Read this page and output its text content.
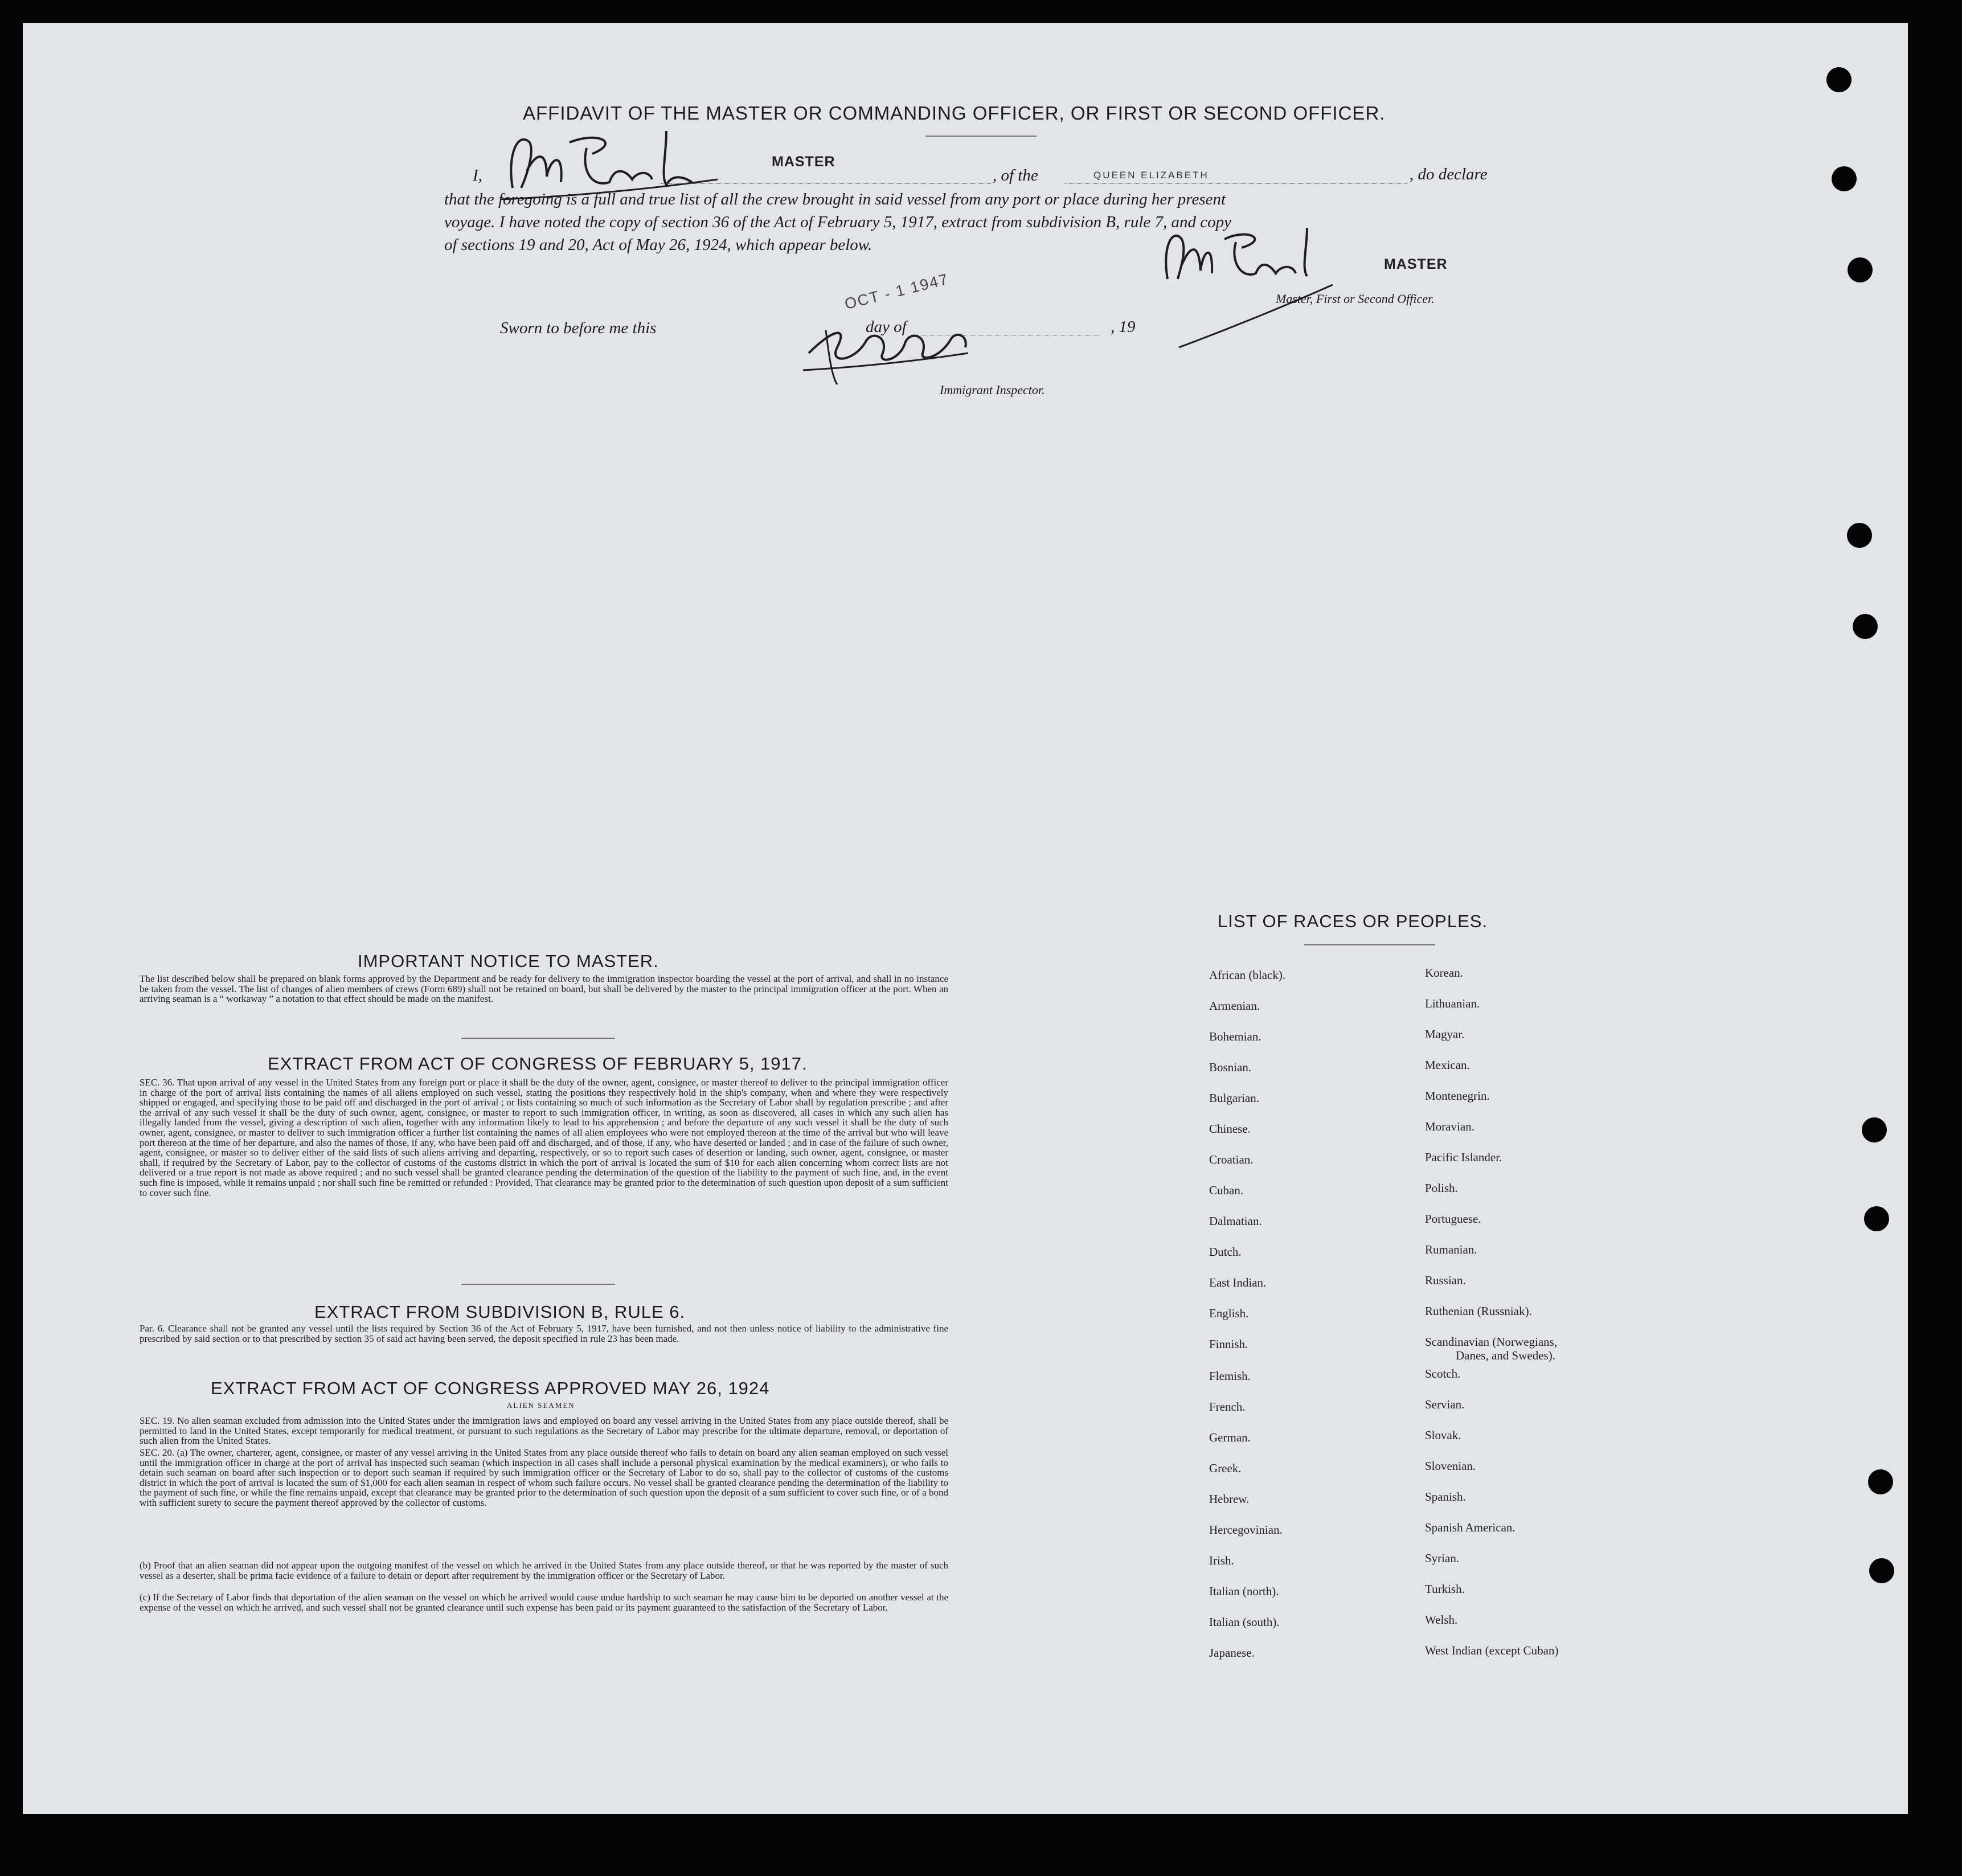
AFFIDAVIT OF THE MASTER OR COMMANDING OFFICER, OR FIRST OR SECOND OFFICER.
I,
MASTER
, of the	QUEEN ELIZABETH	, do declare
that the foregoing is a full and true list of all the crew brought in said vessel from any port or place during her present
voyage. I have noted the copy of section 36 of the Act of February 5, 1917, extract from subdivision B, rule 7, and copy
of sections 19 and 20, Act of May 26, 1924, which appear below.
MASTER
Master, First or Second Officer.
OCT - 1 1947
Sworn to before me this	day of	, 19
Immigrant Inspector.
IMPORTANT NOTICE TO MASTER.
The list described below shall be prepared on blank forms approved by the Department and be ready for delivery to the immigration inspector boarding the vessel at the port of arrival, and shall in no instance be taken from the vessel. The list of changes of alien members of crews (Form 689) shall not be retained on board, but shall be delivered by the master to the principal immigration officer at the port. When an arriving seaman is a “ workaway ” a notation to that effect should be made on the manifest.
EXTRACT FROM ACT OF CONGRESS OF FEBRUARY 5, 1917.
SEC. 36. That upon arrival of any vessel in the United States from any foreign port or place it shall be the duty of the owner, agent, consignee, or master thereof to deliver to the principal immigration officer in charge of the port of arrival lists containing the names of all aliens employed on such vessel, stating the positions they respectively hold in the ship's company, when and where they were respectively shipped or engaged, and specifying those to be paid off and discharged in the port of arrival ; or lists containing so much of such information as the Secretary of Labor shall by regulation prescribe ; and after the arrival of any such vessel it shall be the duty of such owner, agent, consignee, or master to report to such immigration officer, in writing, as soon as discovered, all cases in which any such alien has illegally landed from the vessel, giving a description of such alien, together with any information likely to lead to his apprehension ; and before the departure of any such vessel it shall be the duty of such owner, agent, consignee, or master to deliver to such immigration officer a further list containing the names of all alien employees who were not employed thereon at the time of the arrival but who will leave port thereon at the time of her departure, and also the names of those, if any, who have been paid off and discharged, and of those, if any, who have deserted or landed ; and in case of the failure of such owner, agent, consignee, or master so to deliver either of the said lists of such aliens arriving and departing, respectively, or so to report such cases of desertion or landing, such owner, agent, consignee, or master shall, if required by the Secretary of Labor, pay to the collector of customs of the customs district in which the port of arrival is located the sum of $10 for each alien concerning whom correct lists are not delivered or a true report is not made as above required ; and no such vessel shall be granted clearance pending the determination of the question of the liability to the payment of such fine, and, in the event such fine is imposed, while it remains unpaid ; nor shall such fine be remitted or refunded : Provided, That clearance may be granted prior to the determination of such question upon deposit of a sum sufficient to cover such fine.
EXTRACT FROM SUBDIVISION B, RULE 6.
Par. 6. Clearance shall not be granted any vessel until the lists required by Section 36 of the Act of February 5, 1917, have been furnished, and not then unless notice of liability to the administrative fine prescribed by said section or to that prescribed by section 35 of said act having been served, the deposit specified in rule 23 has been made.
EXTRACT FROM ACT OF CONGRESS APPROVED MAY 26, 1924
ALIEN SEAMEN
SEC. 19. No alien seaman excluded from admission into the United States under the immigration laws and employed on board any vessel arriving in the United States from any place outside thereof, shall be permitted to land in the United States, except temporarily for medical treatment, or pursuant to such regulations as the Secretary of Labor may prescribe for the ultimate departure, removal, or deportation of such alien from the United States.
SEC. 20. (a) The owner, charterer, agent, consignee, or master of any vessel arriving in the United States from any place outside thereof who fails to detain on board any alien seaman employed on such vessel until the immigration officer in charge at the port of arrival has inspected such seaman (which inspection in all cases shall include a personal physical examination by the medical examiners), or who fails to detain such seaman on board after such inspection or to deport such seaman if required by such immigration officer or the Secretary of Labor to do so, shall pay to the collector of customs of the customs district in which the port of arrival is located the sum of $1,000 for each alien seaman in respect of whom such failure occurs. No vessel shall be granted clearance pending the determination of the liability to the payment of such fine, or while the fine remains unpaid, except that clearance may be granted prior to the determination of such question upon the deposit of a sum sufficient to cover such fine, or of a bond with sufficient surety to secure the payment thereof approved by the collector of customs.
(b) Proof that an alien seaman did not appear upon the outgoing manifest of the vessel on which he arrived in the United States from any place outside thereof, or that he was reported by the master of such vessel as a deserter, shall be prima facie evidence of a failure to detain or deport after requirement by the immigration officer or the Secretary of Labor.
(c) If the Secretary of Labor finds that deportation of the alien seaman on the vessel on which he arrived would cause undue hardship to such seaman he may cause him to be deported on another vessel at the expense of the vessel on which he arrived, and such vessel shall not be granted clearance until such expense has been paid or its payment guaranteed to the satisfaction of the Secretary of Labor.
LIST OF RACES OR PEOPLES.
African (black).
Armenian.
Bohemian.
Bosnian.
Bulgarian.
Chinese.
Croatian.
Cuban.
Dalmatian.
Dutch.
East Indian.
English.
Finnish.
Flemish.
French.
German.
Greek.
Hebrew.
Hercegovinian.
Irish.
Italian (north).
Italian (south).
Japanese.
Korean.
Lithuanian.
Magyar.
Mexican.
Montenegrin.
Moravian.
Pacific Islander.
Polish.
Portuguese.
Rumanian.
Russian.
Ruthenian (Russniak).
Scandinavian (Norwegians,
Danes, and Swedes).
Scotch.
Servian.
Slovak.
Slovenian.
Spanish.
Spanish American.
Syrian.
Turkish.
Welsh.
West Indian (except Cuban)
